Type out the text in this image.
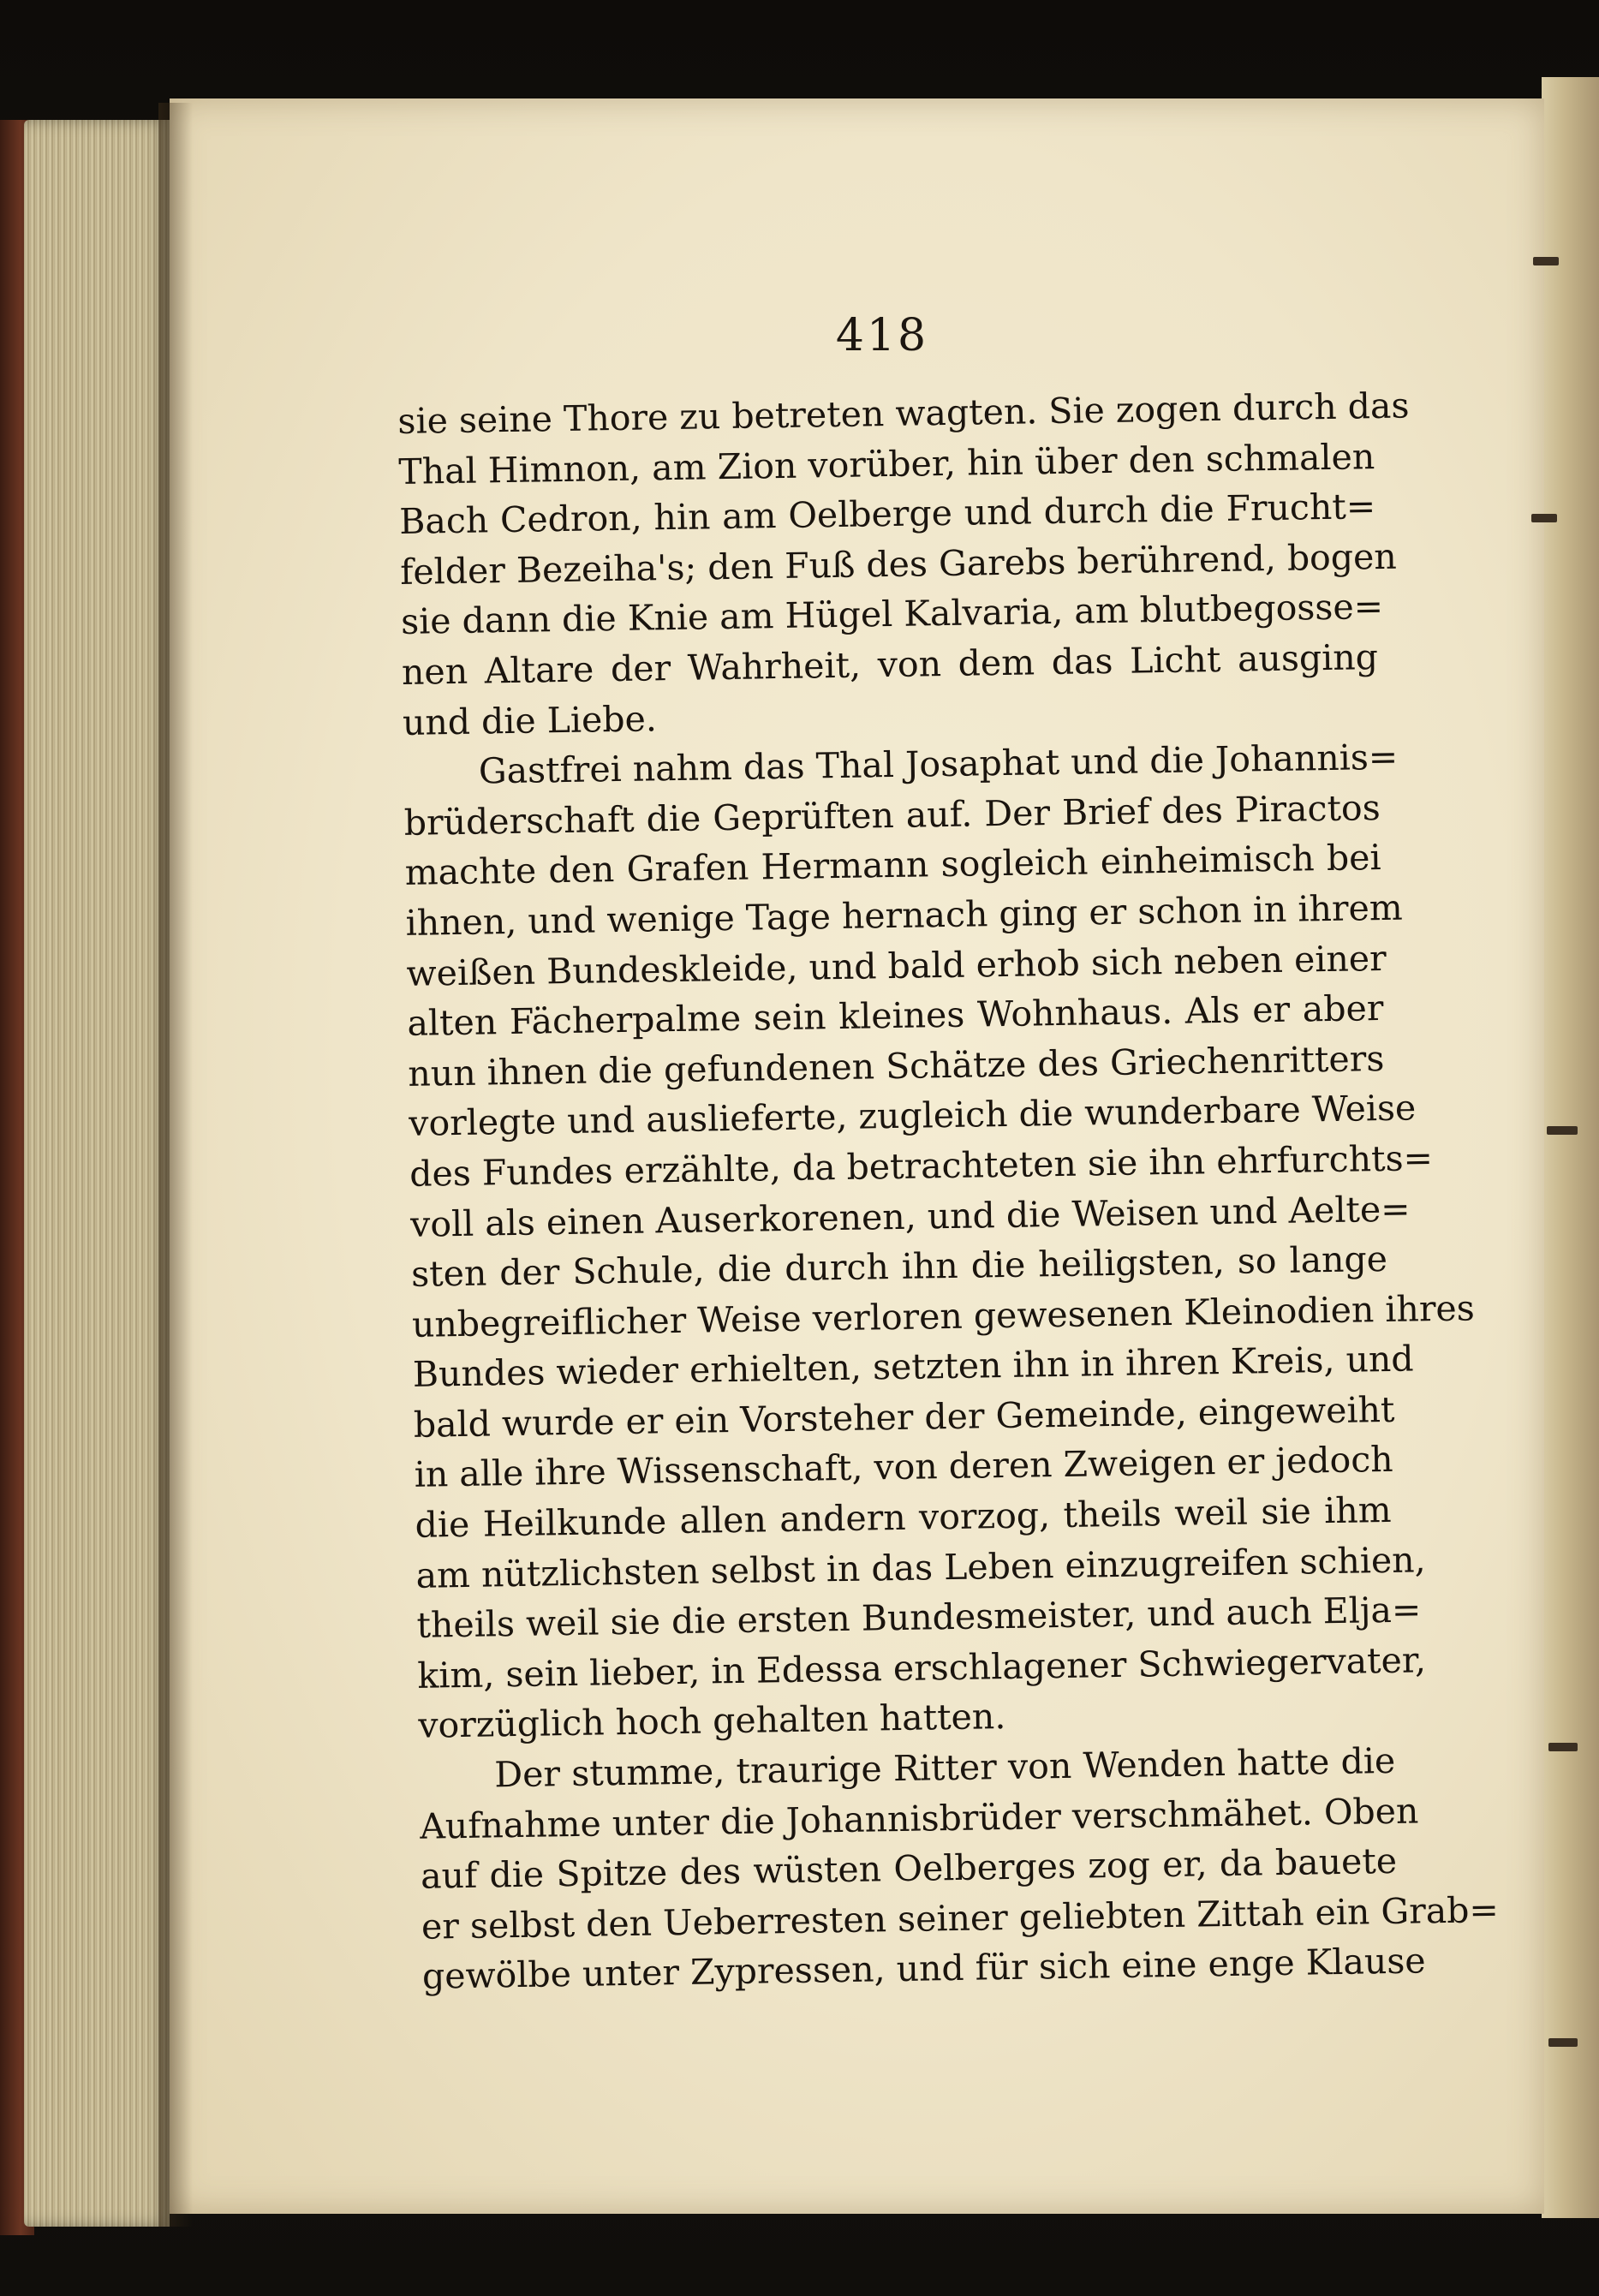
418
sie seine Thore zu betreten wagten. Sie zogen durch das
Thal Himnon, am Zion vorüber, hin über den schmalen
Bach Cedron, hin am Oelberge und durch die Frucht=
felder Bezeiha's; den Fuß des Garebs berührend, bogen
sie dann die Knie am Hügel Kalvaria, am blutbegosse=
nen Altare der Wahrheit, von dem das Licht ausging
und die Liebe.
Gastfrei nahm das Thal Josaphat und die Johannis=
brüderschaft die Geprüften auf. Der Brief des Piractos
machte den Grafen Hermann sogleich einheimisch bei
ihnen, und wenige Tage hernach ging er schon in ihrem
weißen Bundeskleide, und bald erhob sich neben einer
alten Fächerpalme sein kleines Wohnhaus. Als er aber
nun ihnen die gefundenen Schätze des Griechenritters
vorlegte und auslieferte, zugleich die wunderbare Weise
des Fundes erzählte, da betrachteten sie ihn ehrfurchts=
voll als einen Auserkorenen, und die Weisen und Aelte=
sten der Schule, die durch ihn die heiligsten, so lange
unbegreiflicher Weise verloren gewesenen Kleinodien ihres
Bundes wieder erhielten, setzten ihn in ihren Kreis, und
bald wurde er ein Vorsteher der Gemeinde, eingeweiht
in alle ihre Wissenschaft, von deren Zweigen er jedoch
die Heilkunde allen andern vorzog, theils weil sie ihm
am nützlichsten selbst in das Leben einzugreifen schien,
theils weil sie die ersten Bundesmeister, und auch Elja=
kim, sein lieber, in Edessa erschlagener Schwiegervater,
vorzüglich hoch gehalten hatten.
Der stumme, traurige Ritter von Wenden hatte die
Aufnahme unter die Johannisbrüder verschmähet. Oben
auf die Spitze des wüsten Oelberges zog er, da bauete
er selbst den Ueberresten seiner geliebten Zittah ein Grab=
gewölbe unter Zypressen, und für sich eine enge Klause
